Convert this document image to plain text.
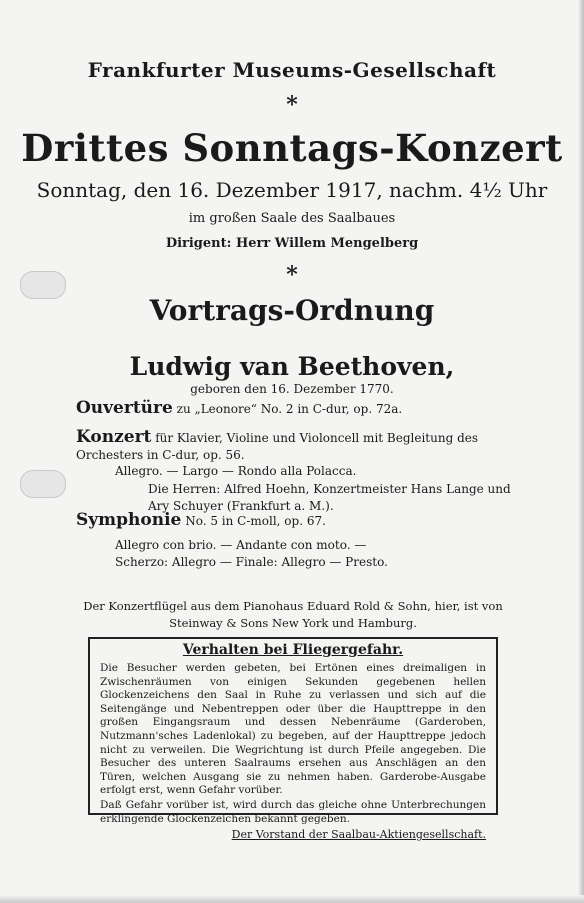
Frankfurter Museums-Gesellschaft
*
Drittes Sonntags-Konzert
Sonntag, den 16. Dezember 1917, nachm. 4½ Uhr
im großen Saale des Saalbaues
Dirigent: Herr Willem Mengelberg
*
Vortrags-Ordnung
Ludwig van Beethoven,
geboren den 16. Dezember 1770.
Ouvertüre zu „Leonore“ No. 2 in C-dur, op. 72a.
Konzert für Klavier, Violine und Violoncell mit Begleitung des Orchesters in C-dur, op. 56.
Allegro. — Largo — Rondo alla Polacca.
Die Herren: Alfred Hoehn, Konzertmeister Hans Lange und Ary Schuyer (Frankfurt a. M.).
Symphonie No. 5 in C-moll, op. 67.
Allegro con brio. — Andante con moto. —
Scherzo: Allegro — Finale: Allegro — Presto.
Der Konzertflügel aus dem Pianohaus Eduard Rold & Sohn, hier, ist von Steinway & Sons New York und Hamburg.
Verhalten bei Fliegergefahr.
Die Besucher werden gebeten, bei Ertönen eines dreimaligen in Zwischenräumen von einigen Sekunden gegebenen hellen Glockenzeichens den Saal in Ruhe zu verlassen und sich auf die Seitengänge und Nebentreppen oder über die Haupttreppe in den großen Eingangsraum und dessen Nebenräume (Garderoben, Nutzmann'sches Ladenlokal) zu begeben, auf der Haupttreppe jedoch nicht zu verweilen. Die Wegrichtung ist durch Pfeile angegeben. Die Besucher des unteren Saalraums ersehen aus Anschlägen an den Türen, welchen Ausgang sie zu nehmen haben. Garderobe-Ausgabe erfolgt erst, wenn Gefahr vorüber.
Daß Gefahr vorüber ist, wird durch das gleiche ohne Unterbrechungen erklingende Glockenzeichen bekannt gegeben.
Der Vorstand der Saalbau-Aktiengesellschaft.
